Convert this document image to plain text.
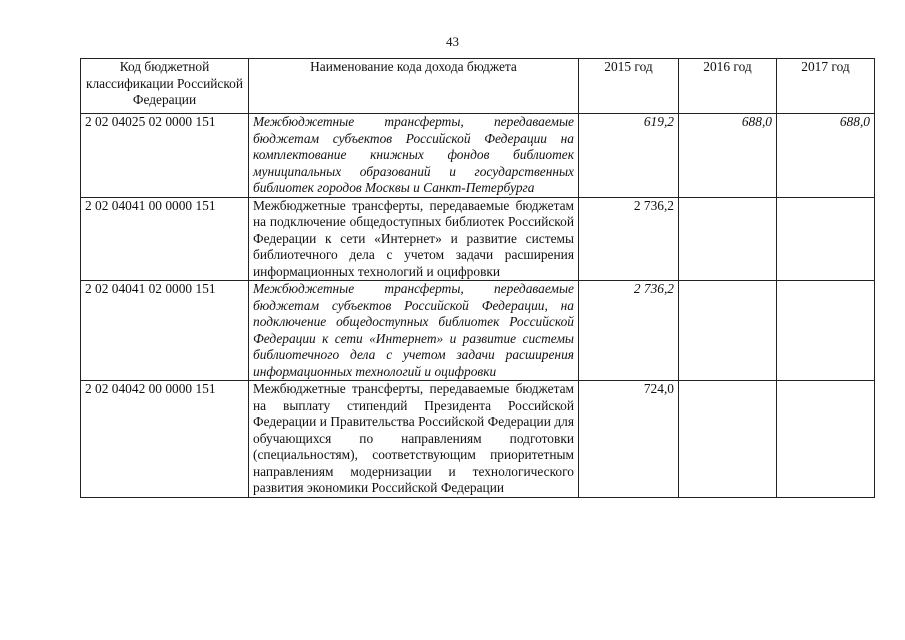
43
Код бюджетной классификации Российской Федерации	Наименование кода дохода бюджета	2015 год	2016 год	2017 год
2 02 04025 02 0000 151	Межбюджетные трансферты, передаваемые бюджетам субъектов Российской Федерации на комплектование книжных фондов библиотек муниципальных образований и государственных библиотек городов Москвы и Санкт-Петербурга	619,2	688,0	688,0
2 02 04041 00 0000 151	Межбюджетные трансферты, передаваемые бюджетам на подключение общедоступных библиотек Российской Федерации к сети «Интернет» и развитие системы библиотечного дела с учетом задачи расширения информационных технологий и оцифровки	2 736,2		
2 02 04041 02 0000 151	Межбюджетные трансферты, передаваемые бюджетам субъектов Российской Федерации, на подключение общедоступных библиотек Российской Федерации к сети «Интернет» и развитие системы библиотечного дела с учетом задачи расширения информационных технологий и оцифровки	2 736,2		
2 02 04042 00 0000 151	Межбюджетные трансферты, передаваемые бюджетам на выплату стипендий Президента Российской Федерации и Правительства Российской Федерации для обучающихся по направлениям подготовки (специальностям), соответствующим приоритетным направлениям модернизации и технологического развития экономики Российской Федерации	724,0		
